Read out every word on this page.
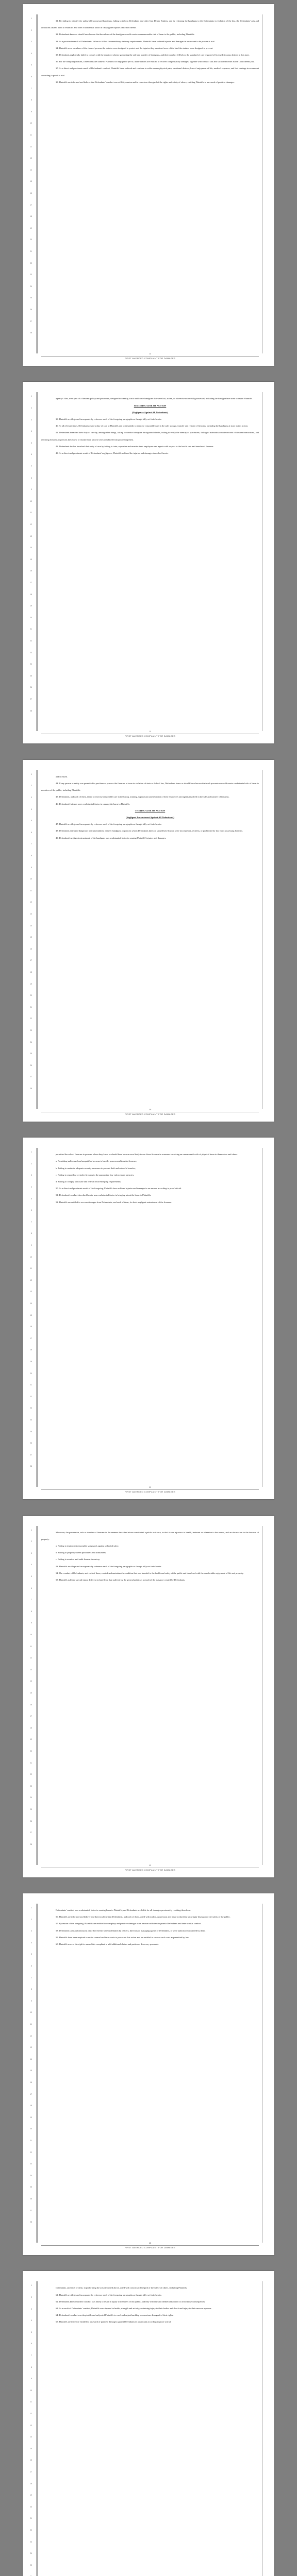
1
2
3
4
5
6
7
8
9
10
11
12
13
14
15
16
17
18
19
20
21
22
23
24
25
26
27
28

31. By failing to identify the unlawfully possessed handguns, failing to inform Defendants and other Gun Dealer Entities, and by releasing the handguns to the Defendants in violation of the law, the Defendants' acts and omissions caused harm to Plaintiffs and were a substantial factor in causing the injuries described herein.

32. Defendants knew or should have known that the release of the handguns would create an unreasonable risk of harm to the public, including Plaintiffs.

33. As a proximate result of Defendants' failure to follow the mandatory statutory requirements, Plaintiffs have suffered injuries and damages in an amount to be proven at trial.

34. Plaintiffs were members of the class of persons the statutes were designed to protect and the injuries they sustained were of the kind the statutes were designed to prevent.

35. Defendants negligently failed to comply with the statutory scheme governing the sale and transfer of handguns, and their conduct fell below the standard of care required of licensed firearms dealers in this state.

36. For the foregoing reasons, Defendants are liable to Plaintiffs for negligence per se, and Plaintiffs are entitled to recover compensatory damages, together with costs of suit and such other relief as the Court deems just.

37. As a direct and proximate result of Defendants' conduct, Plaintiffs have suffered and continue to suffer severe physical pain, emotional distress, loss of enjoyment of life, medical expenses, and lost earnings in an amount according to proof at trial.

38. Plaintiffs are informed and believe that Defendants' conduct was willful, wanton and in conscious disregard of the rights and safety of others, entitling Plaintiffs to an award of punitive damages.

8
FIRST AMENDED COMPLAINT FOR DAMAGES
1
2
3
4
5
6
7
8
9
10
11
12
13
14
15
16
17
18
19
20
21
22
23
24
25
26
27
28

agency's files, were part of a firearms policy and procedure, designed to identify, track and locate handguns that were lost, stolen, or otherwise unlawfully possessed, including the handgun later used to injure Plaintiffs.

SECOND CAUSE OF ACTION
(Negligence Against All Defendants)

39. Plaintiffs re-allege and incorporate by reference each of the foregoing paragraphs as though fully set forth herein.

40. At all relevant times, Defendants owed a duty of care to Plaintiffs and to the public to exercise reasonable care in the sale, storage, transfer and release of firearms, including the handguns at issue in this action.

41. Defendants breached their duty of care by, among other things, failing to conduct adequate background checks, failing to verify the identity of purchasers, failing to maintain accurate records of firearm transactions, and releasing firearms to persons they knew or should have known were prohibited from possessing them.

42. Defendants further breached their duty of care by failing to train, supervise and monitor their employees and agents with respect to the lawful sale and transfer of firearms.

43. As a direct and proximate result of Defendants' negligence, Plaintiffs suffered the injuries and damages described herein.

9
FIRST AMENDED COMPLAINT FOR DAMAGES
1
2
3
4
5
6
7
8
9
10
11
12
13
14
15
16
17
18
19
20
21
22
23
24
25
26
27
28

and licensed.

44. If any person or entity was permitted to purchase or possess the firearms at issue in violation of state or federal law, Defendants knew or should have known that such possession would create a substantial risk of harm to members of the public, including Plaintiffs.

45. Defendants, and each of them, failed to exercise reasonable care in the hiring, training, supervision and retention of their employees and agents involved in the sale and transfer of firearms.

46. Defendants' failures were a substantial factor in causing the harm to Plaintiffs.

THIRD CAUSE OF ACTION
(Negligent Entrustment Against All Defendants)

47. Plaintiffs re-allege and incorporate by reference each of the foregoing paragraphs as though fully set forth herein.

48. Defendants entrusted dangerous instrumentalities, namely handguns, to persons whom Defendants knew or should have known were incompetent, reckless, or prohibited by law from possessing firearms.

49. Defendants' negligent entrustment of the handguns was a substantial factor in causing Plaintiffs' injuries and damages.

10
FIRST AMENDED COMPLAINT FOR DAMAGES
1
2
3
4
5
6
7
8
9
10
11
12
13
14
15
16
17
18
19
20
21
22
23
24
25
26
27
28

permitted the sale of firearms to persons whom they knew or should have known were likely to use those firearms in a manner involving an unreasonable risk of physical harm to themselves and others.

a. Permitting unlicensed and unqualified persons to handle, possess and transfer firearms;

b. Failing to maintain adequate security measures to prevent theft and unlawful transfer;

c. Failing to report lost or stolen firearms to the appropriate law enforcement agencies;

d. Failing to comply with state and federal record-keeping requirements.

50. As a direct and proximate result of the foregoing, Plaintiffs have suffered injuries and damages in an amount according to proof at trial.

51. Defendants' conduct described herein was a substantial factor in bringing about the harm to Plaintiffs.

52. Plaintiffs are entitled to recover damages from Defendants, and each of them, for their negligent entrustment of the firearms.

11
FIRST AMENDED COMPLAINT FOR DAMAGES
1
2
3
4
5
6
7
8
9
10
11
12
13
14
15
16
17
18
19
20
21
22
23
24
25
26
27
28

Moreover, the possession, sale or transfer of firearms in the manner described above constituted a public nuisance, in that it was injurious to health, indecent or offensive to the senses, and an obstruction to the free use of property.

a. Failing to implement reasonable safeguards against unlawful sales;

b. Failing to properly screen purchasers and transferees;

c. Failing to monitor and audit firearm inventory.

53. Plaintiffs re-allege and incorporate by reference each of the foregoing paragraphs as though fully set forth herein.

54. The conduct of Defendants, and each of them, created and maintained a condition that was harmful to the health and safety of the public and interfered with the comfortable enjoyment of life and property.

55. Plaintiffs suffered special injury different in kind from that suffered by the general public as a result of the nuisance created by Defendants.

12
FIRST AMENDED COMPLAINT FOR DAMAGES
1
2
3
4
5
6
7
8
9
10
11
12
13
14
15
16
17
18
19
20
21
22
23
24
25
26
27
28

Defendants' conduct was a substantial factor in causing harm to Plaintiffs, and Defendants are liable for all damages proximately resulting therefrom.

56. Plaintiffs are informed and believe and thereon allege that Defendants, and each of them, acted with malice, oppression and fraud in that they knowingly disregarded the safety of the public.

57. By reason of the foregoing, Plaintiffs are entitled to exemplary and punitive damages in an amount sufficient to punish Defendants and deter similar conduct.

58. Defendants' acts and omissions described herein were undertaken by officers, directors or managing agents of Defendants, or were authorized or ratified by them.

59. Plaintiffs have been required to retain counsel and incur costs to prosecute this action and are entitled to recover such costs as permitted by law.

60. Plaintiffs reserve the right to amend this complaint to add additional claims and parties as discovery proceeds.

13
FIRST AMENDED COMPLAINT FOR DAMAGES
1
2
3
4
5
6
7
8
9
10
11
12
13
14
15
16
17
18
19
20
21
22
23
24
25

Defendants, and each of them, in performing the acts described above, acted with conscious disregard of the safety of others, including Plaintiffs.

61. Plaintiffs re-allege and incorporate by reference each of the foregoing paragraphs as though fully set forth herein.

62. Defendants knew that their conduct was likely to result in injury to members of the public, and they willfully and deliberately failed to avoid those consequences.

63. As a result of Defendants' conduct, Plaintiffs were injured in health, strength and activity, sustaining injury to their bodies and shock and injury to their nervous systems.

64. Defendants' conduct was despicable and subjected Plaintiffs to cruel and unjust hardship in conscious disregard of their rights.

65. Plaintiffs are therefore entitled to an award of punitive damages against Defendants in an amount according to proof at trial.
